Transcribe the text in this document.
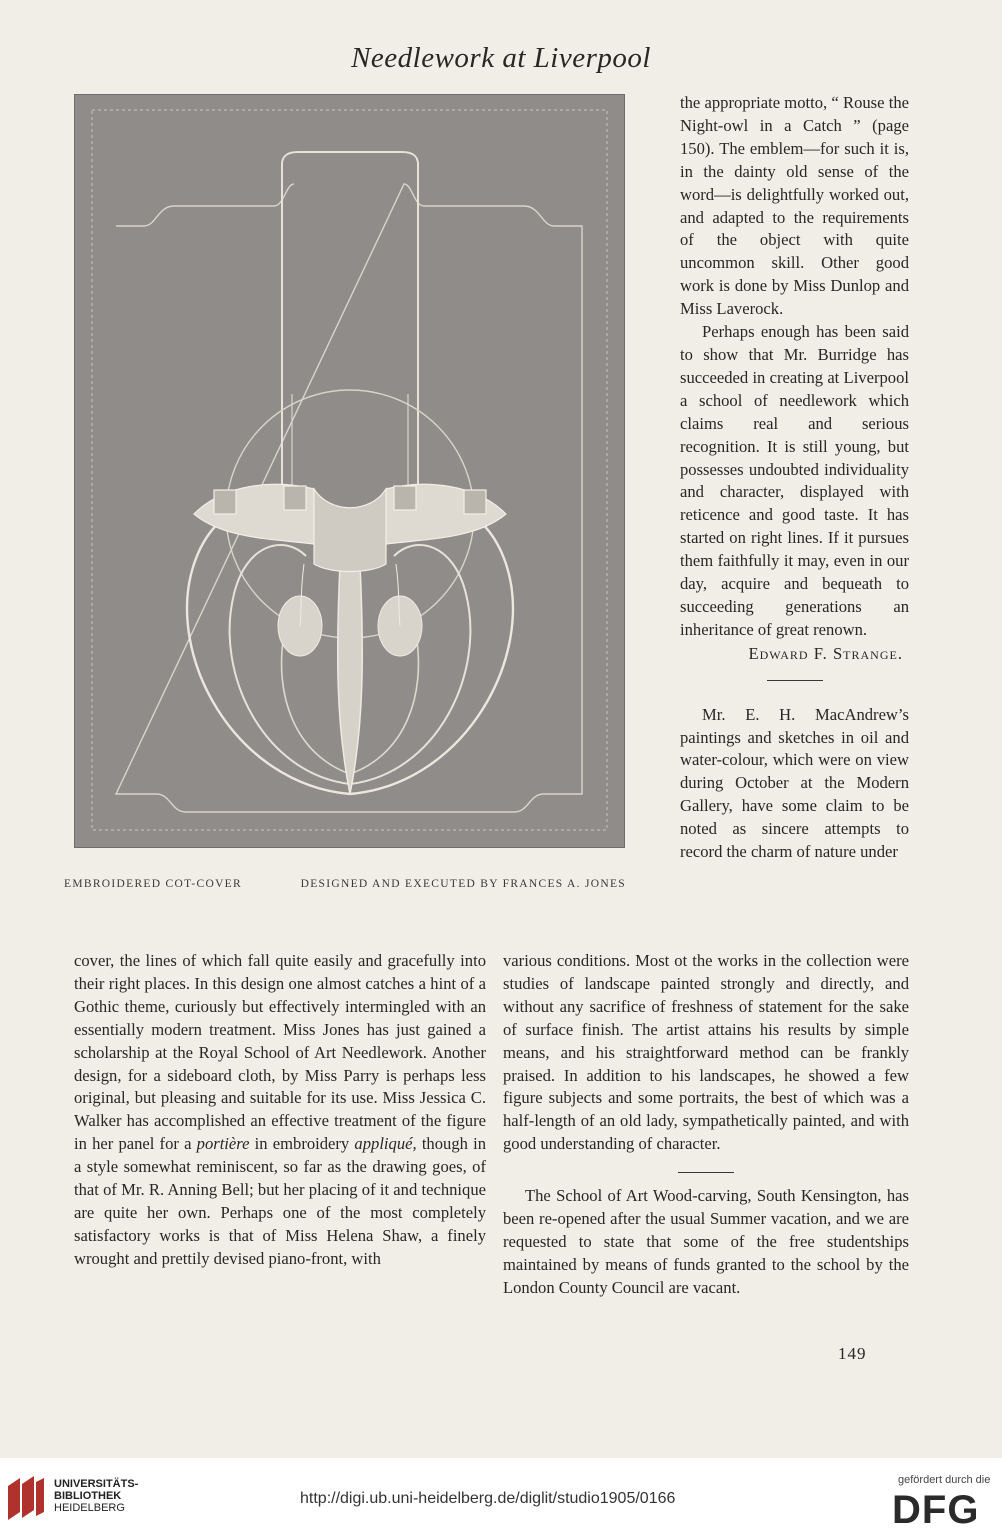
Needlework at Liverpool
EMBROIDERED COT-COVER	DESIGNED AND EXECUTED BY FRANCES A. JONES

the appropriate motto, “ Rouse the Night-owl in a Catch ” (page 150). The emblem—for such it is, in the dainty old sense of the word—is delightfully worked out, and adapted to the requirements of the object with quite uncommon skill. Other good work is done by Miss Dunlop and Miss Laverock.

Perhaps enough has been said to show that Mr. Burridge has succeeded in creating at Liverpool a school of needlework which claims real and serious recognition. It is still young, but possesses undoubted individuality and character, displayed with reticence and good taste. It has started on right lines. If it pursues them faithfully it may, even in our day, acquire and bequeath to succeeding generations an inheritance of great renown.

Edward F. Strange.

Mr. E. H. MacAndrew’s paintings and sketches in oil and water-colour, which were on view during October at the Modern Gallery, have some claim to be noted as sincere attempts to record the charm of nature under

cover, the lines of which fall quite easily and gracefully into their right places. In this design one almost catches a hint of a Gothic theme, curiously but effectively intermingled with an essentially modern treatment. Miss Jones has just gained a scholarship at the Royal School of Art Needlework. Another design, for a sideboard cloth, by Miss Parry is perhaps less original, but pleasing and suitable for its use. Miss Jessica C. Walker has accomplished an effective treatment of the figure in her panel for a portière in embroidery appliqué, though in a style somewhat reminiscent, so far as the drawing goes, of that of Mr. R. Anning Bell; but her placing of it and technique are quite her own. Perhaps one of the most completely satisfactory works is that of Miss Helena Shaw, a finely wrought and prettily devised piano-front, with

various conditions. Most ot the works in the collection were studies of landscape painted strongly and directly, and without any sacrifice of freshness of statement for the sake of surface finish. The artist attains his results by simple means, and his straightforward method can be frankly praised. In addition to his landscapes, he showed a few figure subjects and some portraits, the best of which was a half-length of an old lady, sympathetically painted, and with good understanding of character.

The School of Art Wood-carving, South Kensington, has been re-opened after the usual Summer vacation, and we are requested to state that some of the free studentships maintained by means of funds granted to the school by the London County Council are vacant.

149
UNIVERSITÄTS-
BIBLIOTHEK
HEIDELBERG
http://digi.ub.uni-heidelberg.de/diglit/studio1905/0166
gefördert durch die
DFG
